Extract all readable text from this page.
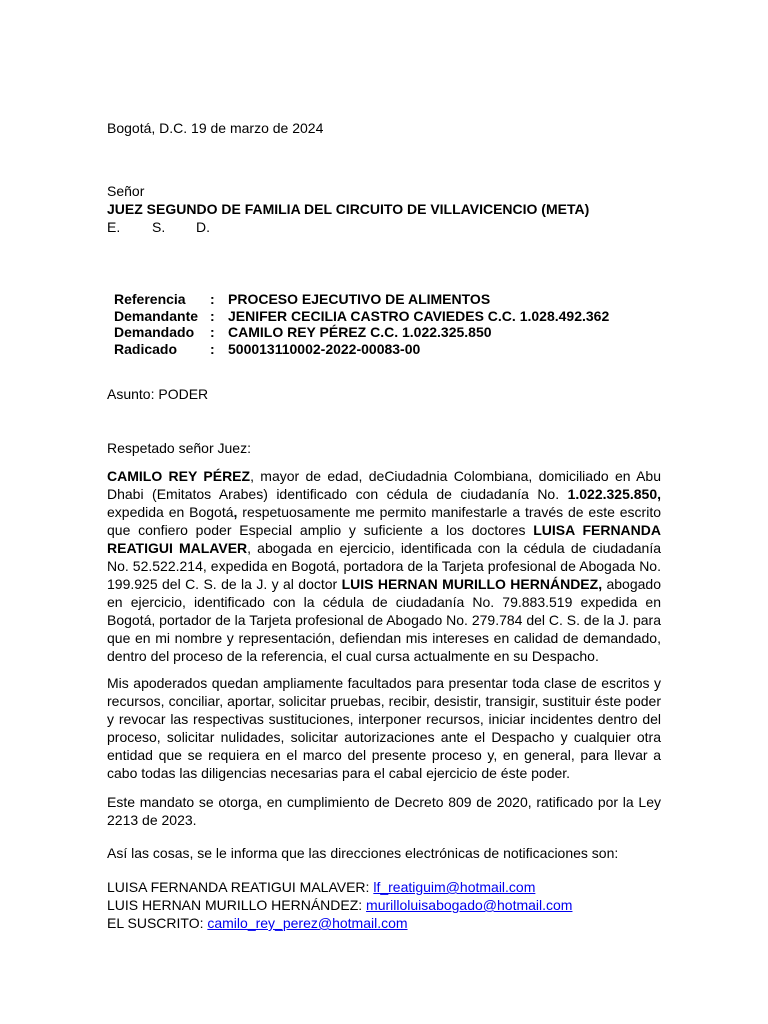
Bogotá, D.C. 19 de marzo de 2024

Señor
JUEZ SEGUNDO DE FAMILIA DEL CIRCUITO DE VILLAVICENCIO (META)
E. S. D.
Referencia	:	PROCESO EJECUTIVO DE ALIMENTOS
Demandante	:	JENIFER CECILIA CASTRO CAVIEDES C.C. 1.028.492.362
Demandado	:	CAMILO REY PÉREZ C.C. 1.022.325.850
Radicado	:	500013110002-2022-00083-00

Asunto: PODER

Respetado señor Juez:

CAMILO REY PÉREZ, mayor de edad, deCiudadnia Colombiana, domiciliado en Abu Dhabi (Emitatos Arabes) identificado con cédula de ciudadanía No. 1.022.325.850, expedida en Bogotá, respetuosamente me permito manifestarle a través de este escrito que confiero poder Especial amplio y suficiente a los doctores LUISA FERNANDA REATIGUI MALAVER, abogada en ejercicio, identificada con la cédula de ciudadanía No. 52.522.214, expedida en Bogotá, portadora de la Tarjeta profesional de Abogada No. 199.925 del C. S. de la J. y al doctor LUIS HERNAN MURILLO HERNÁNDEZ, abogado en ejercicio, identificado con la cédula de ciudadanía No. 79.883.519 expedida en Bogotá, portador de la Tarjeta profesional de Abogado No. 279.784 del C. S. de la J. para que en mi nombre y representación, defiendan mis intereses en calidad de demandado, dentro del proceso de la referencia, el cual cursa actualmente en su Despacho.

Mis apoderados quedan ampliamente facultados para presentar toda clase de escritos y recursos, conciliar, aportar, solicitar pruebas, recibir, desistir, transigir, sustituir éste poder y revocar las respectivas sustituciones, interponer recursos, iniciar incidentes dentro del proceso, solicitar nulidades, solicitar autorizaciones ante el Despacho y cualquier otra entidad que se requiera en el marco del presente proceso y, en general, para llevar a cabo todas las diligencias necesarias para el cabal ejercicio de éste poder.

Este mandato se otorga, en cumplimiento de Decreto 809 de 2020, ratificado por la Ley 2213 de 2023.

Así las cosas, se le informa que las direcciones electrónicas de notificaciones son:

LUISA FERNANDA REATIGUI MALAVER: lf_reatiguim@hotmail.com
LUIS HERNAN MURILLO HERNÁNDEZ: murilloluisabogado@hotmail.com
EL SUSCRITO: camilo_rey_perez@hotmail.com
